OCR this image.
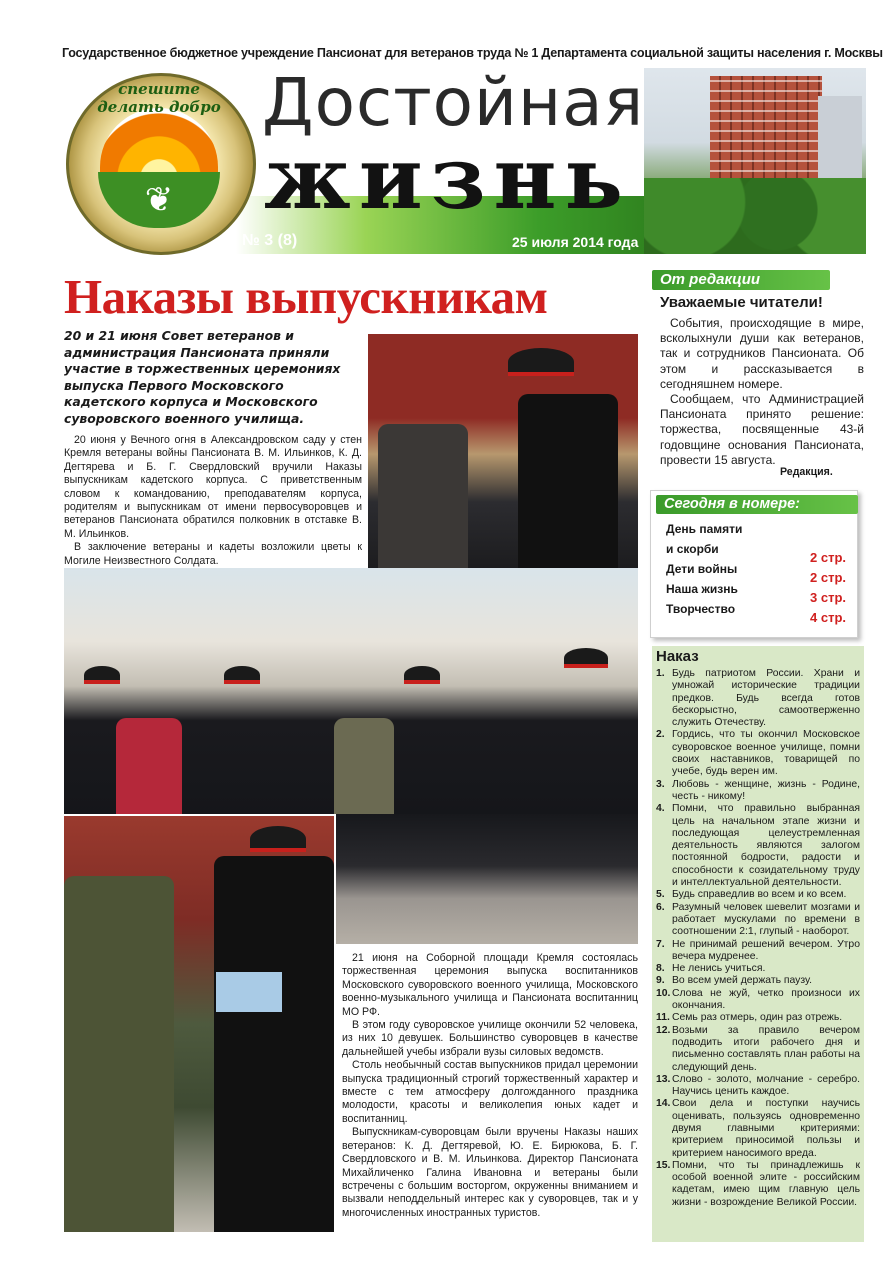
Государственное бюджетное учреждение Пансионат для ветеранов труда № 1 Департамента социальной защиты населения г. Москвы
❦
спешите делать добро Достойная
жизнь
№ 3 (8)	25 июля 2014 года
Наказы выпускникам
20 и 21 июня Совет ветеранов и администрация Пансионата приняли участие в торжественных церемониях выпуска Первого Московского кадетского корпуса и Московского суворовского военного училища.

20 июня у Вечного огня в Александровском саду у стен Кремля ветераны войны Пансионата В. М. Ильинков, К. Д. Дегтярева и Б. Г. Свердловский вручили Наказы выпускникам кадетского корпуса. С приветственным словом к командованию, преподавателям корпуса, родителям и выпускникам от имени первосуворовцев и ветеранов Пансионата обратился полковник в отставке В. М. Ильинков.

В заключение ветераны и кадеты возложили цветы к Могиле Неизвестного Солдата.

21 июня на Соборной площади Кремля состоялась торжественная церемония выпуска воспитанников Московского суворовского военного училища, Московского военно-музыкального училища и Пансионата воспитанниц МО РФ.

В этом году суворовское училище окончили 52 человека, из них 10 девушек. Большинство суворовцев в качестве дальнейшей учебы избрали вузы силовых ведомств.

Столь необычный состав выпускников придал церемонии выпуска традиционный строгий торжественный характер и вместе с тем атмосферу долгожданного праздника молодости, красоты и великолепия юных кадет и воспитанниц.

Выпускникам-суворовцам были вручены Наказы наших ветеранов: К. Д. Дегтяревой, Ю. Е. Бирюкова, Б. Г. Свердловского и В. М. Ильинкова. Директор Пансионата Михайличенко Галина Ивановна и ветераны были встречены с большим восторгом, окруженны вниманием и вызвали неподдельный интерес как у суворовцев, так и у многочисленных иностранных туристов.

От редакции
Уважаемые читатели!

События, происходящие в мире, всколыхнули души как ветеранов, так и сотрудников Пансионата. Об этом и рассказывается в сегодняшнем номере.

Сообщаем, что Администрацией Пансионата принято решение: торжества, посвященные 43-й годовщине основания Пансионата, провести 15 августа.

Редакция.
Сегодня в номере:
День памяти
и скорби
2 стр.
Дети войны
2 стр.
Наша жизнь
3 стр.
Творчество
4 стр.
Наказ
1. Будь патриотом России. Храни и умножай исторические традиции предков. Будь всегда готов бескорыстно, самоотверженно служить Отечеству.
2. Гордись, что ты окончил Московское суворовское военное училище, помни своих наставников, товарищей по учебе, будь верен им.
3. Любовь - женщине, жизнь - Родине, честь - никому!
4. Помни, что правильно выбранная цель на начальном этапе жизни и последующая целеустремленная деятельность являются залогом постоянной бодрости, радости и способности к созидательному труду и интеллектуальной деятельности.
5. Будь справедлив во всем и ко всем.
6. Разумный человек шевелит мозгами и работает мускулами по времени в соотношении 2:1, глупый - наоборот.
7. Не принимай решений вечером. Утро вечера мудренее.
8. Не ленись учиться.
9. Во всем умей держать паузу.
10. Слова не жуй, четко произноси их окончания.
11. Семь раз отмерь, один раз отрежь.
12. Возьми за правило вечером подводить итоги рабочего дня и письменно составлять план работы на следующий день.
13. Слово - золото, молчание - серебро. Научись ценить каждое.
14. Свои дела и поступки научись оценивать, пользуясь одновременно двумя главными критериями: критерием приносимой пользы и критерием наносимого вреда.
15. Помни, что ты принадлежишь к особой военной элите - российским кадетам, имею щим главную цель жизни - возрождение Великой России.
